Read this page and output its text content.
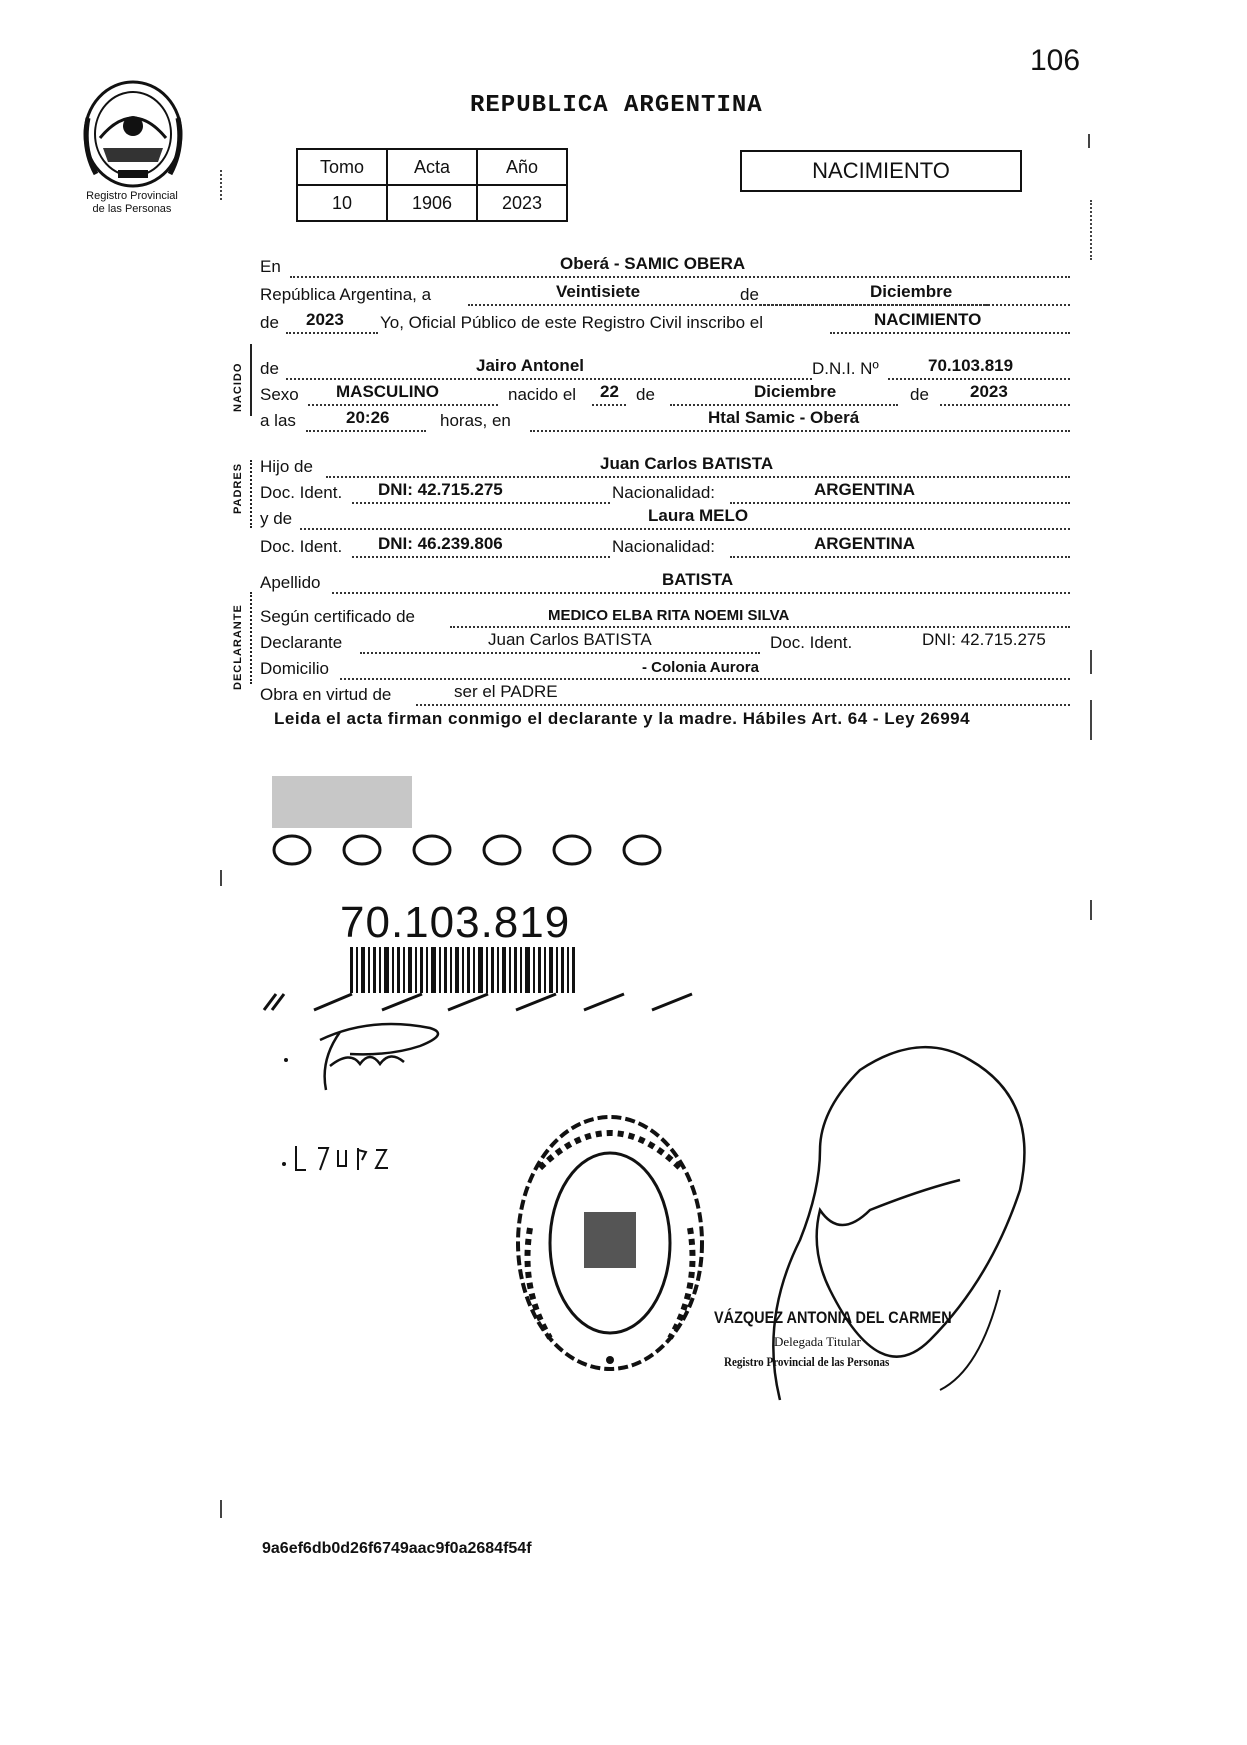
106
Registro Provincial
de las Personas
REPUBLICA ARGENTINA
Tomo	Acta	Año
10	1906	2023
NACIMIENTO
NACIDO
PADRES
DECLARANTE
En	Oberá - SAMIC OBERA
República Argentina, a	Veintisiete	de	Diciembre
de 2023 Yo, Oficial Público de este Registro Civil inscribo el	NACIMIENTO
de	Jairo Antonel	D.N.I. Nº	70.103.819
Sexo MASCULINO	nacido el 22 de	Diciembre	de 2023
a las	20:26	horas, en	Htal Samic - Oberá
Hijo de	Juan Carlos BATISTA
Doc. Ident. DNI: 42.715.275	Nacionalidad:	ARGENTINA
y de	Laura MELO
Doc. Ident. DNI: 46.239.806	Nacionalidad:	ARGENTINA
Apellido	BATISTA
Según certificado de	MEDICO ELBA RITA NOEMI SILVA
Declarante	Juan Carlos BATISTA	Doc. Ident.	DNI: 42.715.275
Domicilio	- Colonia Aurora
Obra en virtud de	ser el PADRE
Leida el acta firman conmigo el declarante y la madre. Hábiles Art. 64 - Ley 26994
70.103.819
VÁZQUEZ ANTONIA DEL CARMEN
Delegada Titular
Registro Provincial de las Personas
9a6ef6db0d26f6749aac9f0a2684f54f
